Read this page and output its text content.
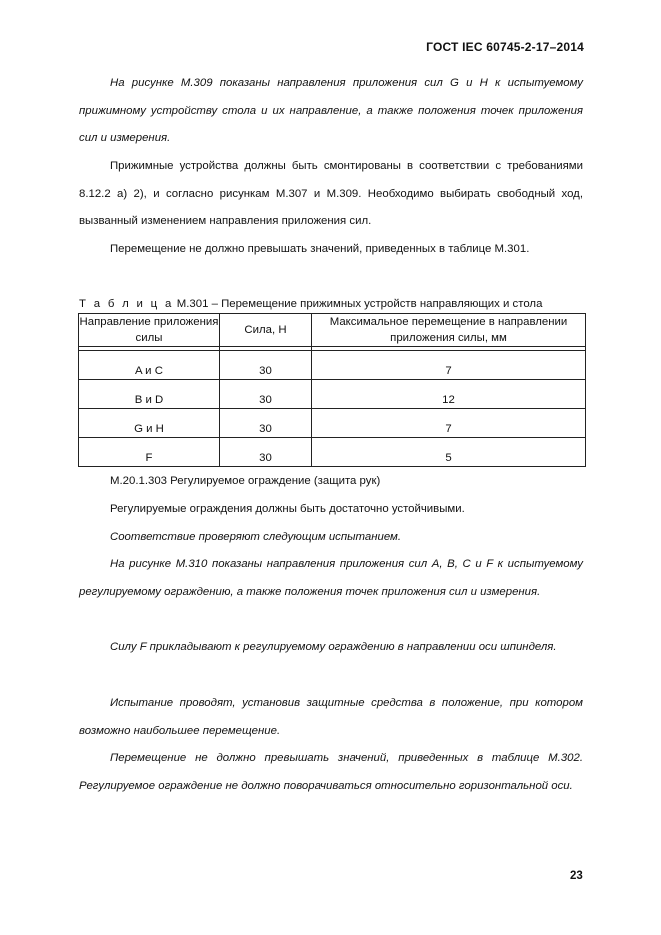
ГОСТ IEC 60745-2-17–2014
На рисунке М.309 показаны направления приложения сил G и H к испытуемому прижимному устройству стола и их направление, а также положения точек приложения сил и измерения.
Прижимные устройства должны быть смонтированы в соответствии с требованиями 8.12.2 а) 2), и согласно рисункам М.307 и М.309. Необходимо выбирать свободный ход, вызванный изменением направления приложения сил.
Перемещение не должно превышать значений, приведенных в таблице М.301.
Т а б л и ц а М.301 – Перемещение прижимных устройств направляющих и стола
Направление приложения силы	Сила, Н	Максимальное перемещение в направлении приложения силы, мм

A и C	30	7
B и D	30	12
G и H	30	7
F	30	5
М.20.1.303 Регулируемое ограждение (защита рук)
Регулируемые ограждения должны быть достаточно устойчивыми.
Соответствие проверяют следующим испытанием.
На рисунке М.310 показаны направления приложения сил A, B, C и F к испытуемому регулируемому ограждению, а также положения точек приложения сил и измерения.
Силу F прикладывают к регулируемому ограждению в направлении оси шпинделя.
Испытание проводят, установив защитные средства в положение, при котором возможно наибольшее перемещение.
Перемещение не должно превышать значений, приведенных в таблице М.302. Регулируемое ограждение не должно поворачиваться относительно горизонтальной оси.
23
